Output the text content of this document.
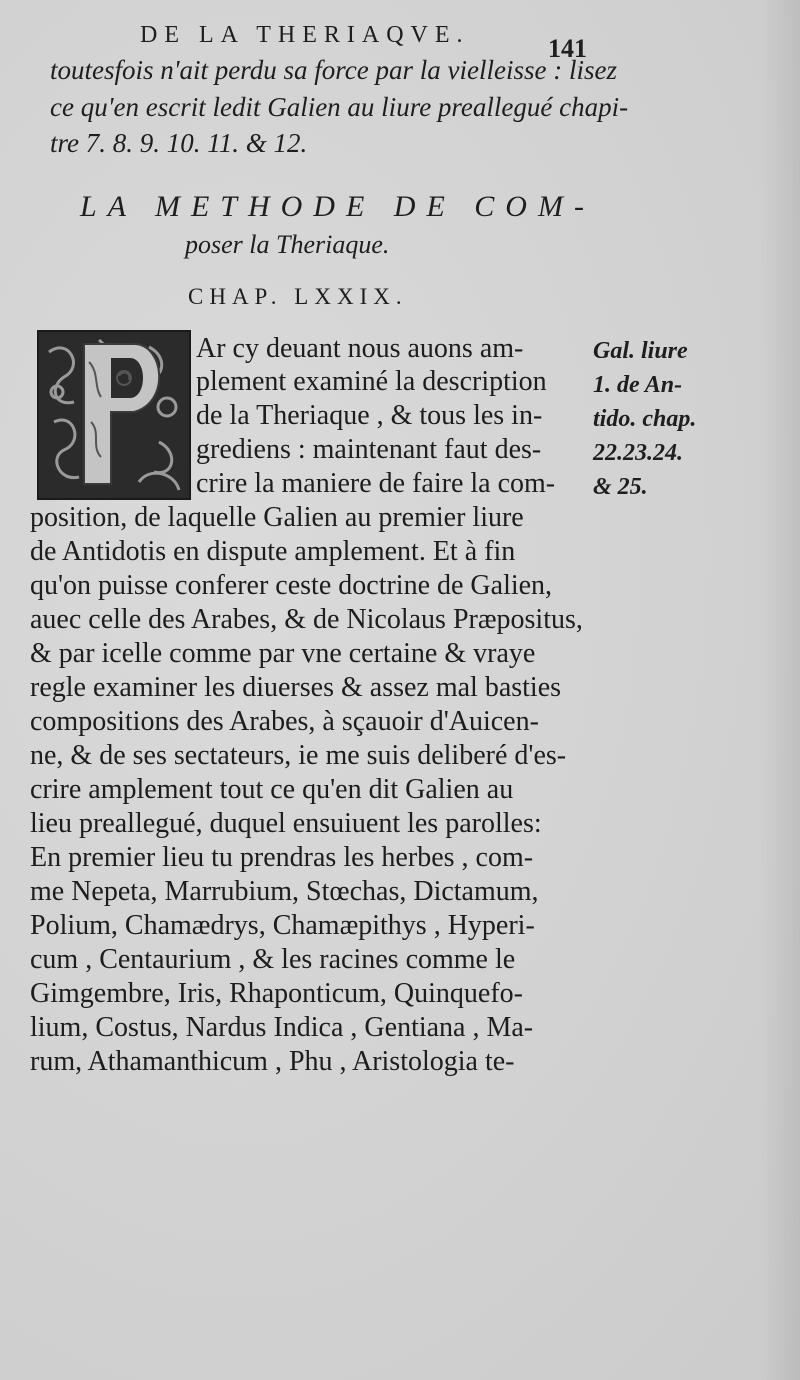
DE LA THERIAQVE.	141
toutesfois n'ait perdu sa force par la vielleisse : lisez
ce qu'en escrit ledit Galien au liure preallegué chapi-
tre 7. 8. 9. 10. 11. & 12.
LA METHODE DE COM-
poser la Theriaque.
CHAP. LXXIX.
Ar cy deuant nous auons am-
plement examiné la description
de la Theriaque , & tous les in-
grediens : maintenant faut des-
crire la maniere de faire la com-
position, de laquelle Galien au premier liure
de Antidotis en dispute amplement. Et à fin
qu'on puisse conferer ceste doctrine de Galien,
auec celle des Arabes, & de Nicolaus Præpositus,
& par icelle comme par vne certaine & vraye
regle examiner les diuerses & assez mal basties
compositions des Arabes, à sçauoir d'Auicen-
ne, & de ses sectateurs, ie me suis deliberé d'es-
crire amplement tout ce qu'en dit Galien au
lieu preallegué, duquel ensuiuent les parolles:
En premier lieu tu prendras les herbes , com-
me Nepeta, Marrubium, Stœchas, Dictamum,
Polium, Chamædrys, Chamæpithys , Hyperi-
cum , Centaurium , & les racines comme le
Gimgembre, Iris, Rhaponticum, Quinquefo-
lium, Costus, Nardus Indica , Gentiana , Ma-
rum, Athamanthicum , Phu , Aristologia te-
Gal. liure
1. de An-
tido. chap.
22.23.24.
& 25.
